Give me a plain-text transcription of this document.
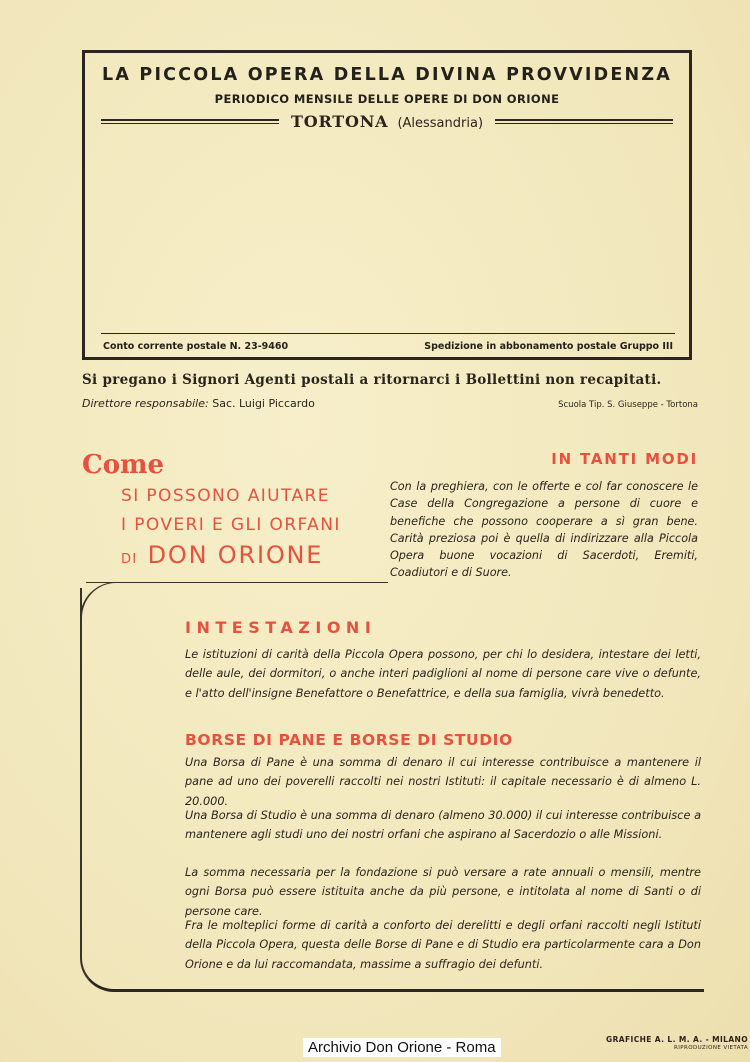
LA PICCOLA OPERA DELLA DIVINA PROVVIDENZA
PERIODICO MENSILE DELLE OPERE DI DON ORIONE
TORTONA (Alessandria)
Conto corrente postale N. 23-9460	Spedizione in abbonamento postale Gruppo III
Si pregano i Signori Agenti postali a ritornarci i Bollettini non recapitati.
Direttore responsabile: Sac. Luigi Piccardo	Scuola Tip. S. Giuseppe - Tortona
Come
SI POSSONO AIUTARE
I POVERI E GLI ORFANI
DI DON ORIONE
IN TANTI MODI
Con la preghiera, con le offerte e col far conoscere le Case della Congregazione a persone di cuore e benefiche che possono cooperare a sì gran bene. Carità preziosa poi è quella di indirizzare alla Piccola Opera buone vocazioni di Sacerdoti, Eremiti, Coadiutori e di Suore.
INTESTAZIONI
Le istituzioni di carità della Piccola Opera possono, per chi lo desidera, intestare dei letti, delle aule, dei dormitori, o anche interi padiglioni al nome di persone care vive o defunte, e l'atto dell'insigne Benefattore o Benefattrice, e della sua famiglia, vivrà benedetto.
BORSE DI PANE E BORSE DI STUDIO
Una Borsa di Pane è una somma di denaro il cui interesse contribuisce a mantenere il pane ad uno dei poverelli raccolti nei nostri Istituti: il capitale necessario è di almeno L. 20.000.
Una Borsa di Studio è una somma di denaro (almeno 30.000) il cui interesse contribuisce a mantenere agli studi uno dei nostri orfani che aspirano al Sacerdozio o alle Missioni.
La somma necessaria per la fondazione si può versare a rate annuali o mensili, mentre ogni Borsa può essere istituita anche da più persone, e intitolata al nome di Santi o di persone care.
Fra le molteplici forme di carità a conforto dei derelitti e degli orfani raccolti negli Istituti della Piccola Opera, questa delle Borse di Pane e di Studio era particolarmente cara a Don Orione e da lui raccomandata, massime a suffragio dei defunti.
Archivio Don Orione - Roma	GRAFICHE A. L. M. A. - MILANO
RIPRODUZIONE VIETATA
